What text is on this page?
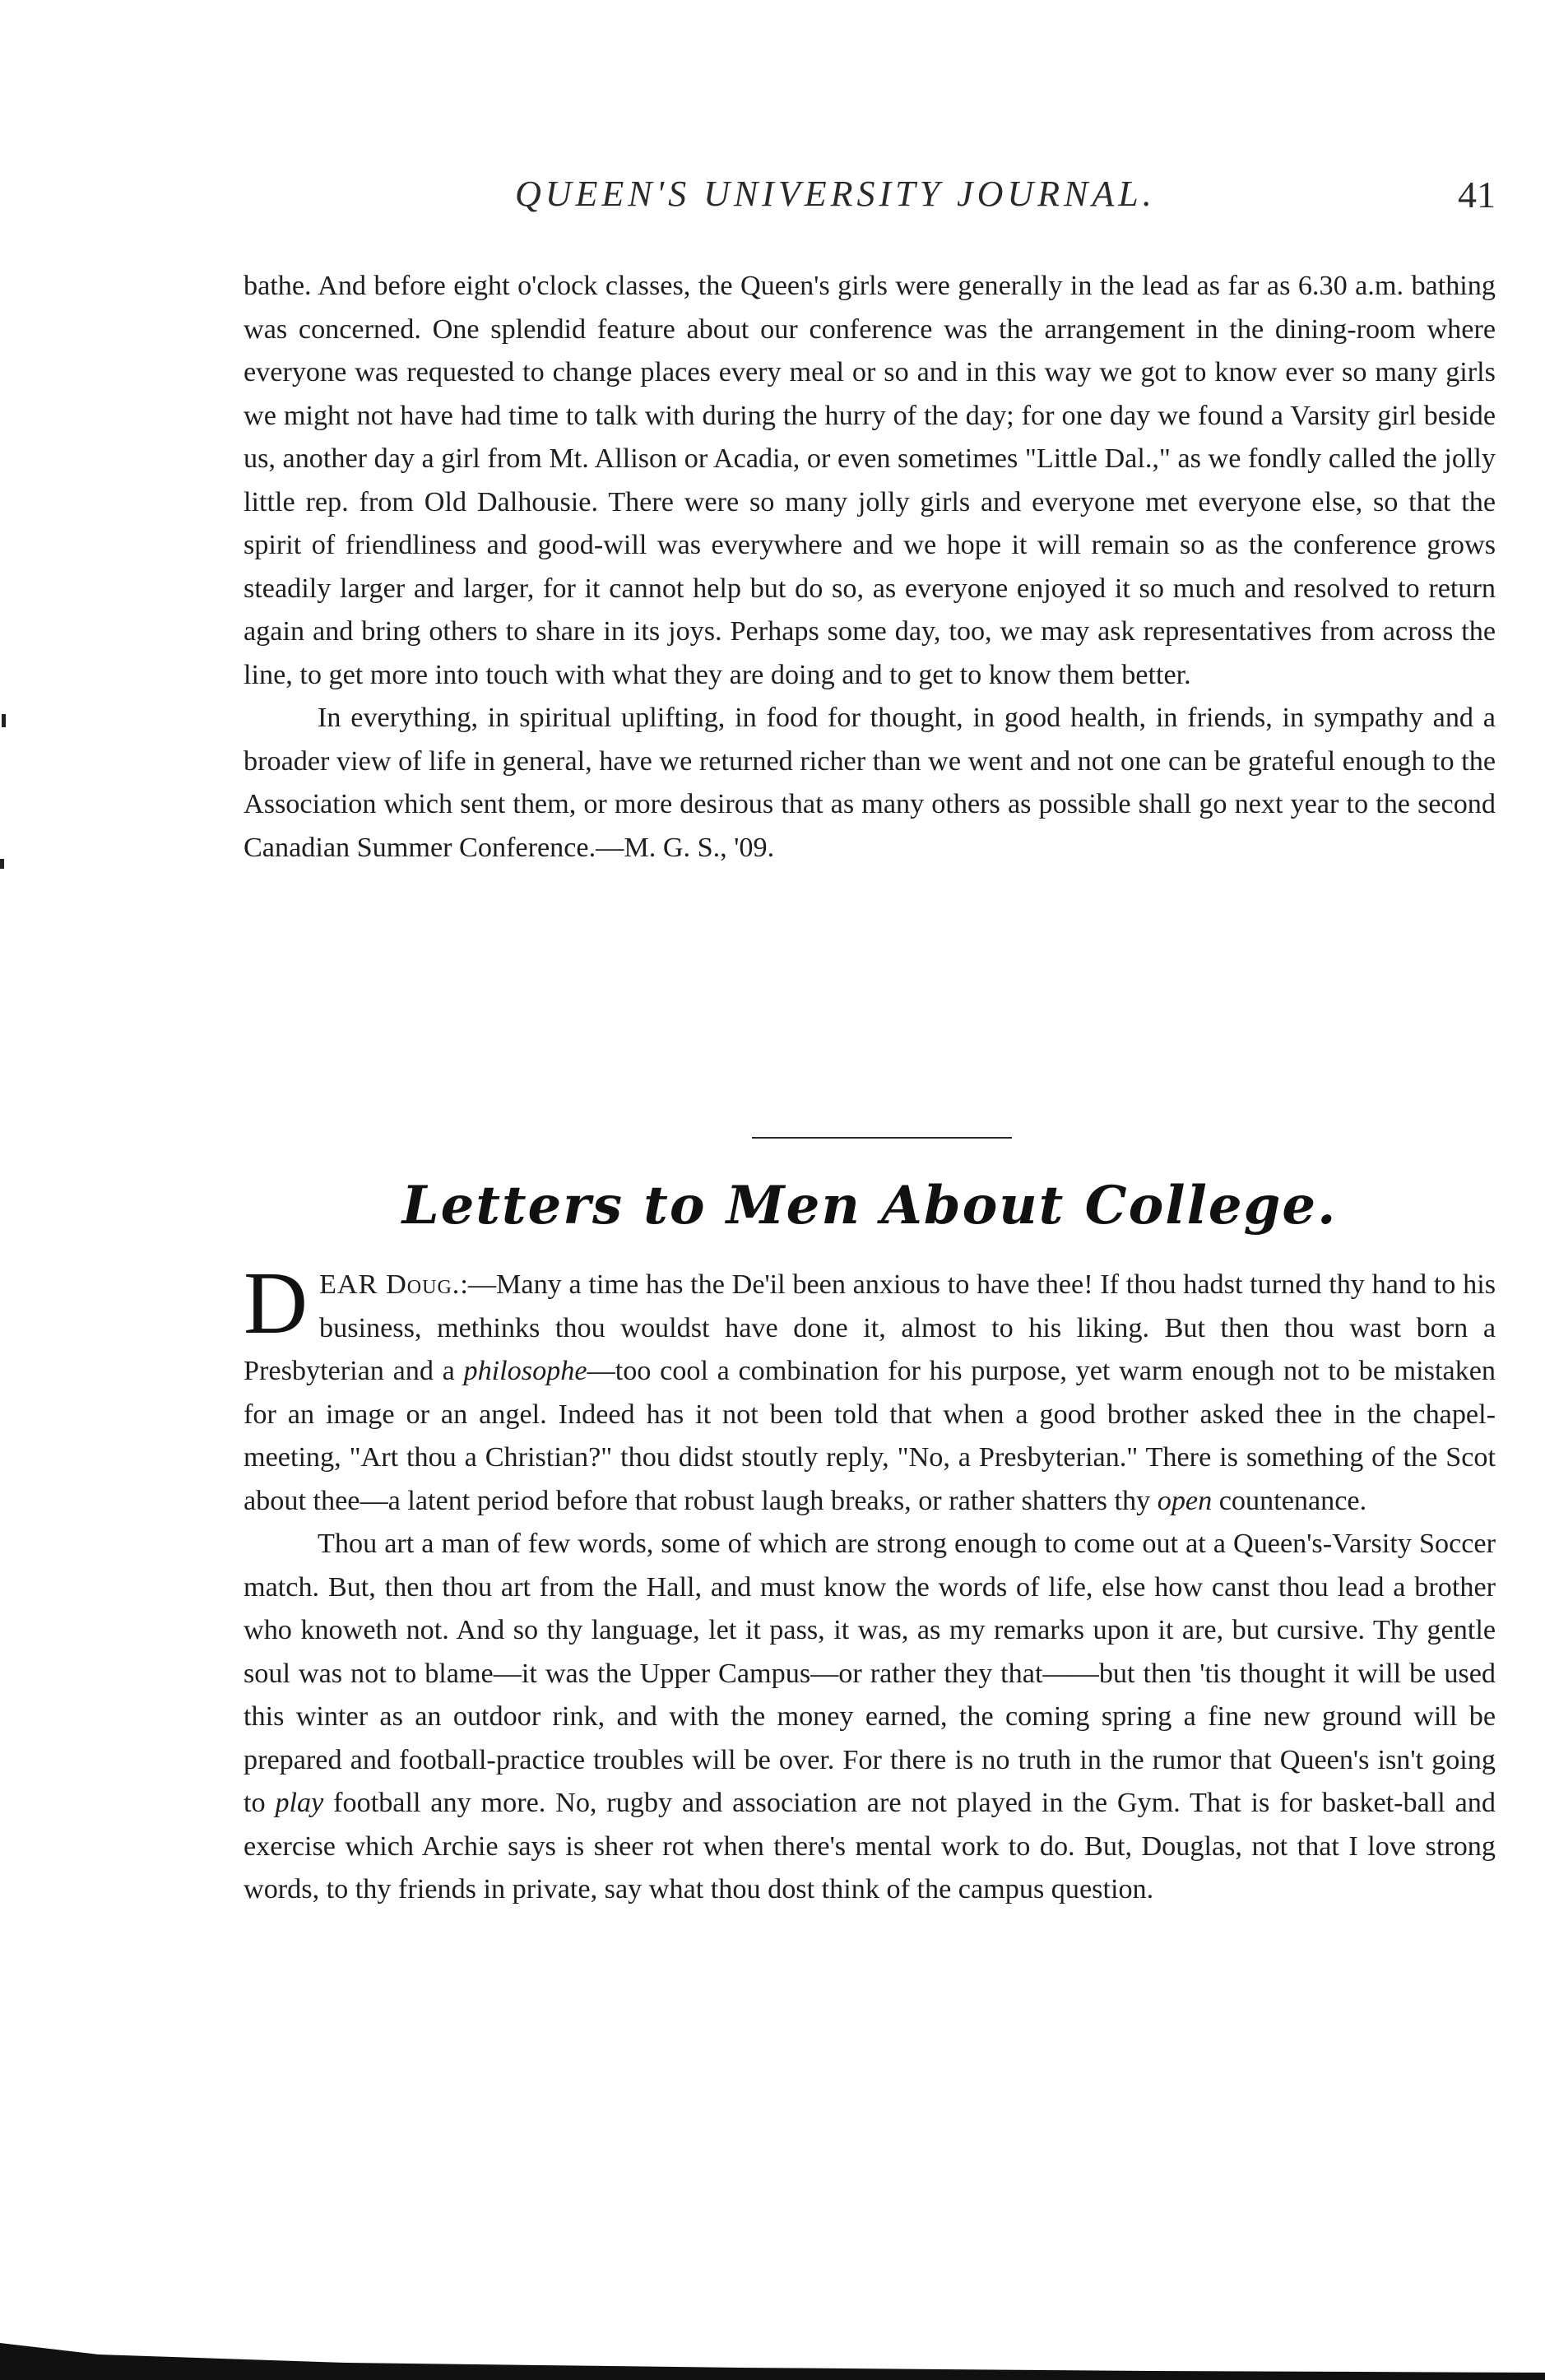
QUEEN'S UNIVERSITY JOURNAL.	41

bathe. And before eight o'clock classes, the Queen's girls were generally in the lead as far as 6.30 a.m. bathing was concerned. One splendid feature about our conference was the arrangement in the dining-room where everyone was requested to change places every meal or so and in this way we got to know ever so many girls we might not have had time to talk with during the hurry of the day; for one day we found a Varsity girl beside us, another day a girl from Mt. Allison or Acadia, or even sometimes "Little Dal.," as we fondly called the jolly little rep. from Old Dalhousie. There were so many jolly girls and everyone met everyone else, so that the spirit of friendliness and good-will was everywhere and we hope it will remain so as the conference grows steadily larger and larger, for it cannot help but do so, as everyone enjoyed it so much and resolved to return again and bring others to share in its joys. Perhaps some day, too, we may ask representatives from across the line, to get more into touch with what they are doing and to get to know them better.

In everything, in spiritual uplifting, in food for thought, in good health, in friends, in sympathy and a broader view of life in general, have we returned richer than we went and not one can be grateful enough to the Association which sent them, or more desirous that as many others as possible shall go next year to the second Canadian Summer Conference.—M. G. S., '09.

Letters to Men About College.

DEAR Doug.:—Many a time has the De'il been anxious to have thee! If thou hadst turned thy hand to his business, methinks thou wouldst have done it, almost to his liking. But then thou wast born a Presbyterian and a philosophe—too cool a combination for his purpose, yet warm enough not to be mistaken for an image or an angel. Indeed has it not been told that when a good brother asked thee in the chapel-meeting, "Art thou a Christian?" thou didst stoutly reply, "No, a Presbyterian." There is something of the Scot about thee—a latent period before that robust laugh breaks, or rather shatters thy open countenance.

Thou art a man of few words, some of which are strong enough to come out at a Queen's-Varsity Soccer match. But, then thou art from the Hall, and must know the words of life, else how canst thou lead a brother who knoweth not. And so thy language, let it pass, it was, as my remarks upon it are, but cursive. Thy gentle soul was not to blame—it was the Upper Campus—or rather they that——but then 'tis thought it will be used this winter as an outdoor rink, and with the money earned, the coming spring a fine new ground will be prepared and football-practice troubles will be over. For there is no truth in the rumor that Queen's isn't going to play football any more. No, rugby and association are not played in the Gym. That is for basket-ball and exercise which Archie says is sheer rot when there's mental work to do. But, Douglas, not that I love strong words, to thy friends in private, say what thou dost think of the campus question.
